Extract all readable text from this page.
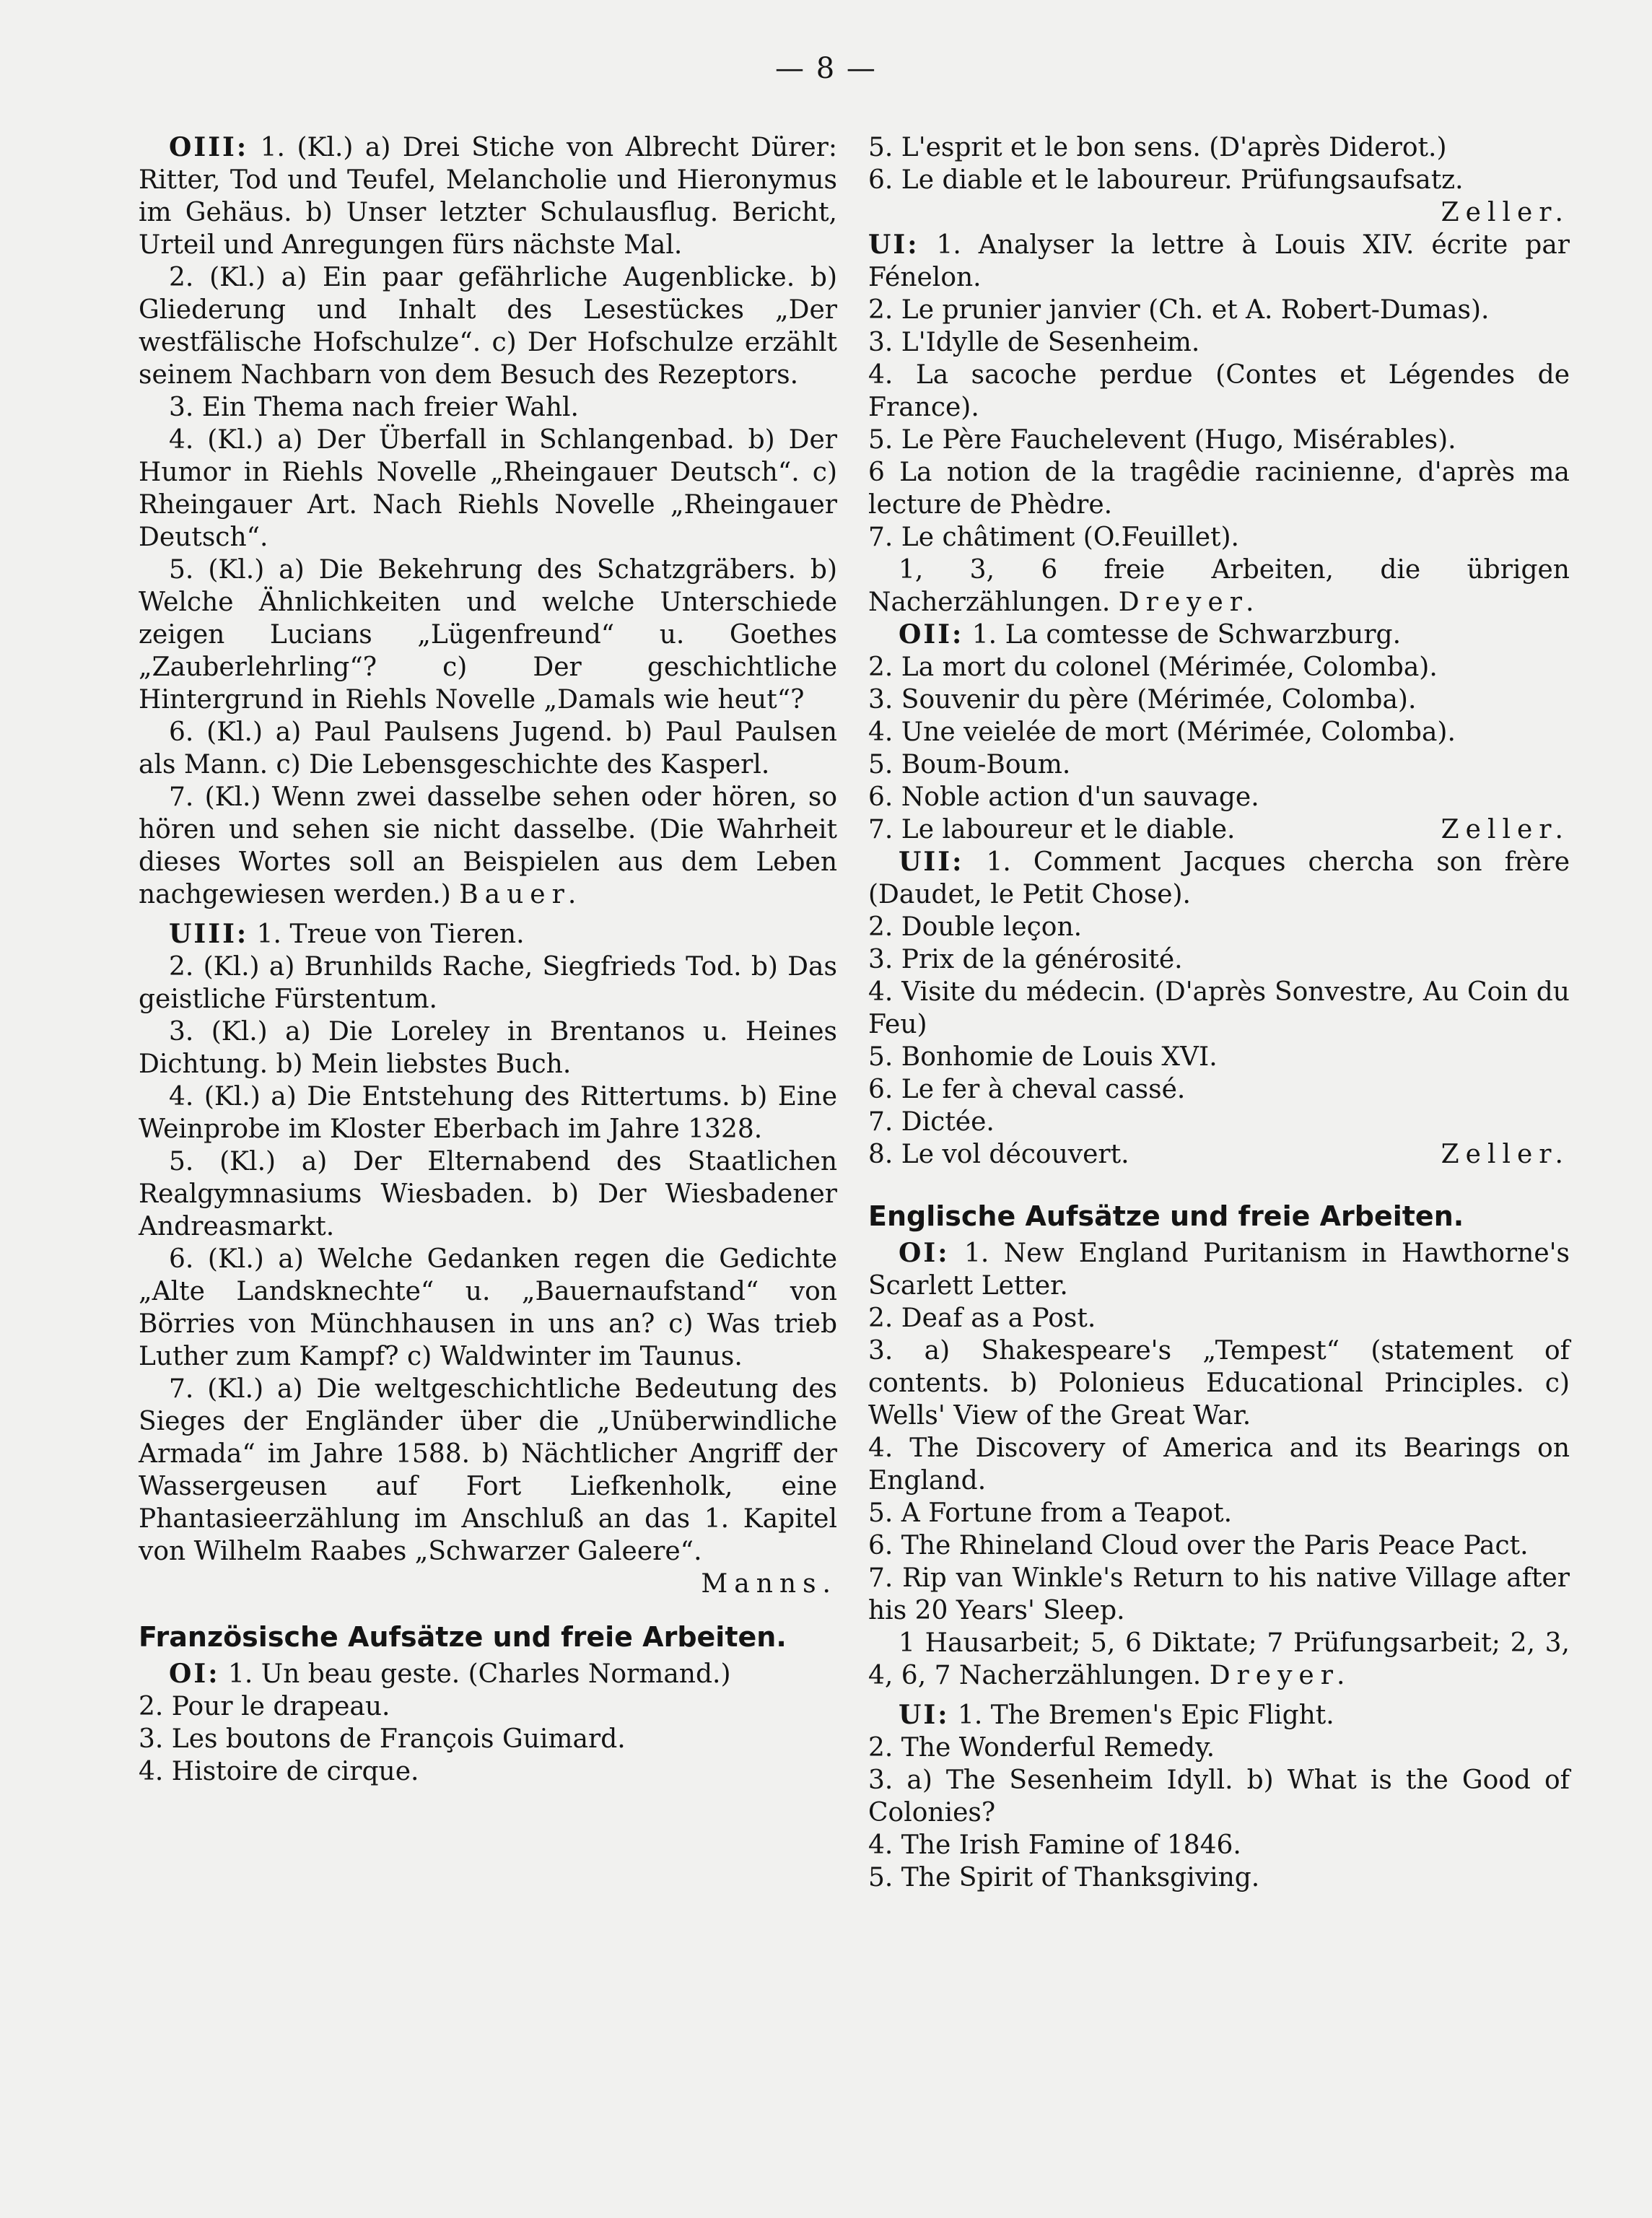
— 8 —

OIII: 1. (Kl.) a) Drei Stiche von Albrecht Dürer: Ritter, Tod und Teufel, Melancholie und Hieronymus im Gehäus. b) Unser letzter Schulausflug. Bericht, Urteil und Anregungen fürs nächste Mal.

2. (Kl.) a) Ein paar gefährliche Augenblicke. b) Gliederung und Inhalt des Lesestückes „Der westfälische Hofschulze“. c) Der Hofschulze erzählt seinem Nachbarn von dem Besuch des Rezeptors.

3. Ein Thema nach freier Wahl.

4. (Kl.) a) Der Überfall in Schlangenbad. b) Der Humor in Riehls Novelle „Rheingauer Deutsch“. c) Rheingauer Art. Nach Riehls Novelle „Rheingauer Deutsch“.

5. (Kl.) a) Die Bekehrung des Schatzgräbers. b) Welche Ähnlichkeiten und welche Unterschiede zeigen Lucians „Lügenfreund“ u. Goethes „Zauberlehrling“? c) Der geschichtliche Hintergrund in Riehls Novelle „Damals wie heut“?

6. (Kl.) a) Paul Paulsens Jugend. b) Paul Paulsen als Mann. c) Die Lebensgeschichte des Kasperl.

7. (Kl.) Wenn zwei dasselbe sehen oder hören, so hören und sehen sie nicht dasselbe. (Die Wahrheit dieses Wortes soll an Beispielen aus dem Leben nachgewiesen werden.) Bauer.

UIII: 1. Treue von Tieren.

2. (Kl.) a) Brunhilds Rache, Siegfrieds Tod. b) Das geistliche Fürstentum.

3. (Kl.) a) Die Loreley in Brentanos u. Heines Dichtung. b) Mein liebstes Buch.

4. (Kl.) a) Die Entstehung des Rittertums. b) Eine Weinprobe im Kloster Eberbach im Jahre 1328.

5. (Kl.) a) Der Elternabend des Staatlichen Realgymnasiums Wiesbaden. b) Der Wiesbadener Andreasmarkt.

6. (Kl.) a) Welche Gedanken regen die Gedichte „Alte Landsknechte“ u. „Bauernaufstand“ von Börries von Münchhausen in uns an? c) Was trieb Luther zum Kampf? c) Waldwinter im Taunus.

7. (Kl.) a) Die weltgeschichtliche Bedeutung des Sieges der Engländer über die „Unüberwindliche Armada“ im Jahre 1588. b) Nächtlicher Angriff der Wassergeusen auf Fort Liefkenholk, eine Phantasieerzählung im Anschluß an das 1. Kapitel von Wilhelm Raabes „Schwarzer Galeere“.

Manns.

Französische Aufsätze und freie Arbeiten.

OI: 1. Un beau geste. (Charles Normand.)

2. Pour le drapeau.

3. Les boutons de François Guimard.

4. Histoire de cirque.

5. L'esprit et le bon sens. (D'après Diderot.)

6. Le diable et le laboureur. Prüfungsaufsatz.

Zeller.

UI: 1. Analyser la lettre à Louis XIV. écrite par Fénelon.

2. Le prunier janvier (Ch. et A. Robert-Dumas).

3. L'Idylle de Sesenheim.

4. La sacoche perdue (Contes et Légendes de France).

5. Le Père Fauchelevent (Hugo, Misérables).

6 La notion de la tragêdie racinienne, d'après ma lecture de Phèdre.

7. Le châtiment (O.Feuillet).

1, 3, 6 freie Arbeiten, die übrigen Nacherzählungen. Dreyer.

OII: 1. La comtesse de Schwarzburg.

2. La mort du colonel (Mérimée, Colomba).

3. Souvenir du père (Mérimée, Colomba).

4. Une veielée de mort (Mérimée, Colomba).

5. Boum-Boum.

6. Noble action d'un sauvage.

7. Le laboureur et le diable.	Zeller.

UII: 1. Comment Jacques chercha son frère (Daudet, le Petit Chose).

2. Double leçon.

3. Prix de la générosité.

4. Visite du médecin. (D'après Sonvestre, Au Coin du Feu)

5. Bonhomie de Louis XVI.

6. Le fer à cheval cassé.

7. Dictée.

8. Le vol découvert.	Zeller.

Englische Aufsätze und freie Arbeiten.

OI: 1. New England Puritanism in Hawthorne's Scarlett Letter.

2. Deaf as a Post.

3. a) Shakespeare's „Tempest“ (statement of contents. b) Polonieus Educational Principles. c) Wells' View of the Great War.

4. The Discovery of America and its Bearings on England.

5. A Fortune from a Teapot.

6. The Rhineland Cloud over the Paris Peace Pact.

7. Rip van Winkle's Return to his native Village after his 20 Years' Sleep.

1 Hausarbeit; 5, 6 Diktate; 7 Prüfungsarbeit; 2, 3, 4, 6, 7 Nacherzählungen. Dreyer.

UI: 1. The Bremen's Epic Flight.

2. The Wonderful Remedy.

3. a) The Sesenheim Idyll. b) What is the Good of Colonies?

4. The Irish Famine of 1846.

5. The Spirit of Thanksgiving.
